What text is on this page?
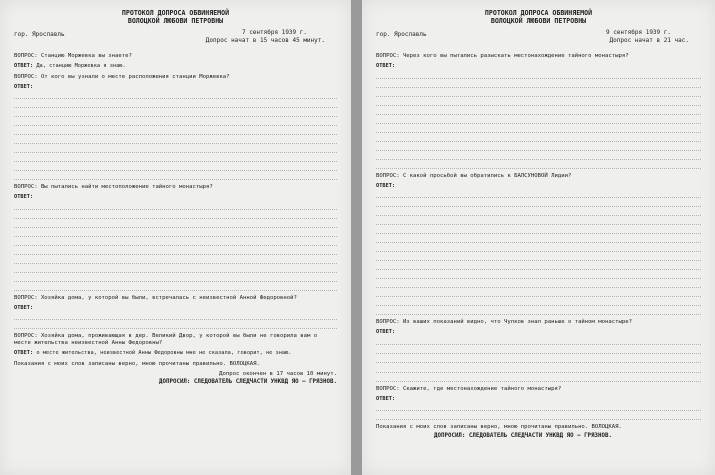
ПРОТОКОЛ ДОПРОСА ОБВИНЯЕМОЙ
ВОЛОЦКОЙ ЛЮБОВИ ПЕТРОВНЫ
гор. Ярославль	7 сентября 1939 г.
Допрос начат в 15 часов 45 минут.
ВОПРОС: Станцию Моржевка вы знаете?
ОТВЕТ: Да, станцию Моржевка я знаю.
ВОПРОС: От кого вы узнали о месте расположения станции Моржевка?
ОТВЕТ:
ВОПРОС: Вы пытались найти местоположение тайного монастыря?
ОТВЕТ:
ВОПРОС: Хозяйка дома, у которой вы были, встречалась с неизвестной Анной Федоровной?
ОТВЕТ:
ВОПРОС: Хозяйка дома, проживающая в дер. Великий Двор, у которой вы были не говорила вам о месте жительства неизвестной Анны Федоровны?
ОТВЕТ: о месте жительства, неизвестной Анны Федоровны мне не сказала, говорит, не знаю.
Показания с моих слов записаны верно, мною прочитаны правильно. ВОЛОЦКАЯ.
Допрос окончен в 17 часов 10 минут.
ДОПРОСИЛ: СЛЕДОВАТЕЛЬ СЛЕДЧАСТИ УНКВД ЯО — ГРЯЗНОВ.
ПРОТОКОЛ ДОПРОСА ОБВИНЯЕМОЙ
ВОЛОЦКОЙ ЛЮБОВИ ПЕТРОВНЫ
гор. Ярославль	9 сентября 1939 г.
Допрос начат в 21 час.
ВОПРОС: Через кого вы пытались разыскать местонахождение тайного монастыря?
ОТВЕТ:
ВОПРОС: С какой просьбой вы обратились к БАЛСУНОВОЙ Лидии?
ОТВЕТ:
ВОПРОС: Из ваших показаний видно, что Чулков знал раньше о тайном монастыре?
ОТВЕТ:
ВОПРОС: Скажите, где местонахождение тайного монастыря?
ОТВЕТ:
Показания с моих слов записаны верно, мною прочитаны правильно. ВОЛОЦКАЯ.
ДОПРОСИЛ: СЛЕДОВАТЕЛЬ СЛЕДЧАСТИ УНКВД ЯО — ГРЯЗНОВ.
